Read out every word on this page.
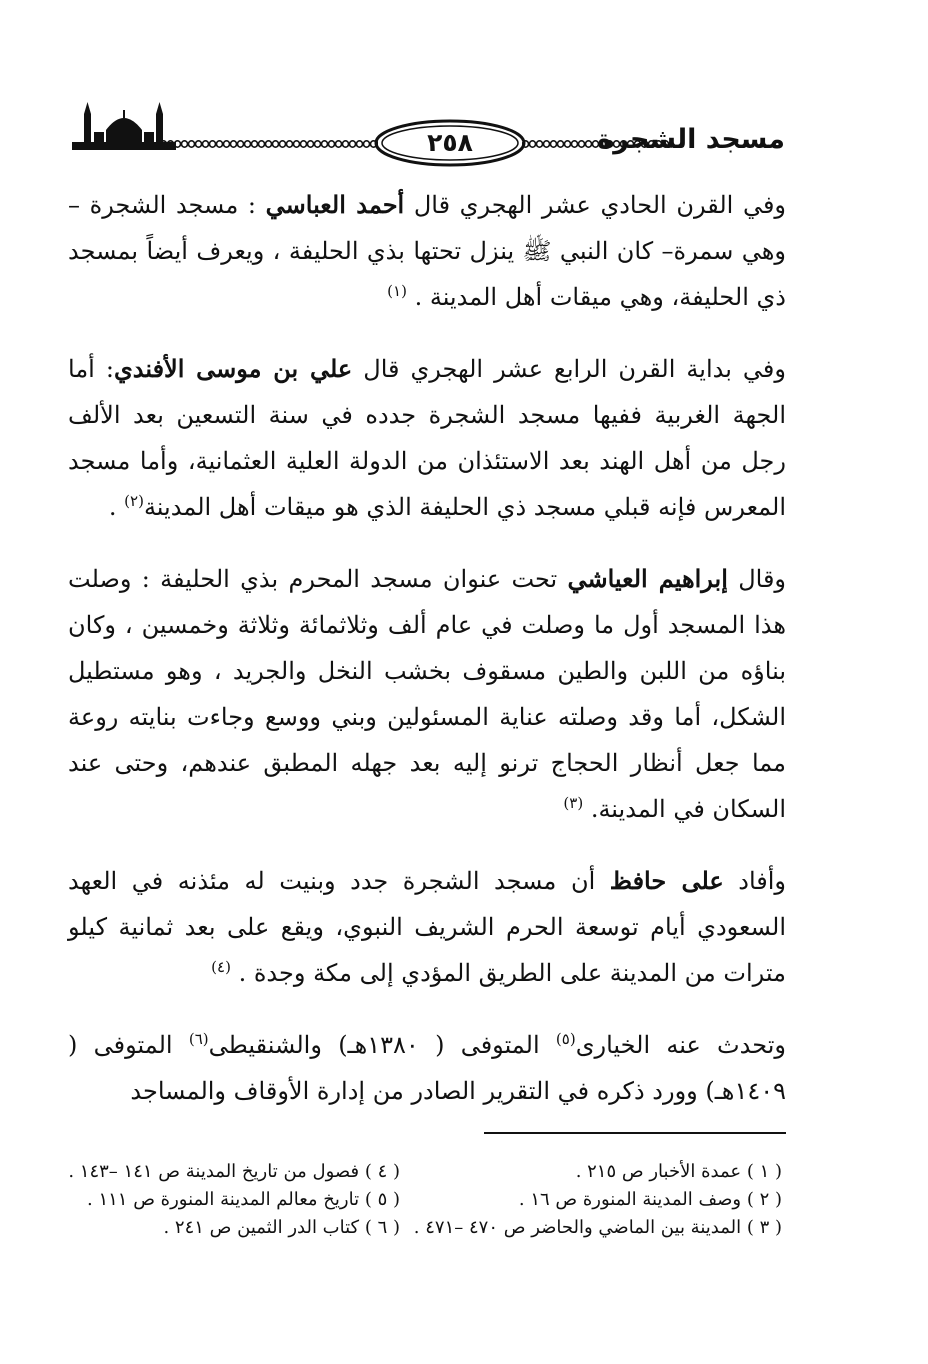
٢٥٨	مسجد الشجرة

وفي القرن الحادي عشر الهجري قال أحمد العباسي : مسجد الشجرة – وهي سمرة– كان النبي ﷺ ينزل تحتها بذي الحليفة ، ويعرف أيضاً بمسجد ذي الحليفة، وهي ميقات أهل المدينة . $^{(١)}$

وفي بداية القرن الرابع عشر الهجري قال علي بن موسى الأفندي: أما الجهة الغربية ففيها مسجد الشجرة جدده في سنة التسعين بعد الألف رجل من أهل الهند بعد الاستئذان من الدولة العلية العثمانية، وأما مسجد المعرس فإنه قبلي مسجد ذي الحليفة الذي هو ميقات أهل المدينة$^{(٢)}$ .

وقال إبراهيم العياشي تحت عنوان مسجد المحرم بذي الحليفة : وصلت هذا المسجد أول ما وصلت في عام ألف وثلاثمائة وثلاثة وخمسين ، وكان بناؤه من اللبن والطين مسقوف بخشب النخل والجريد ، وهو مستطيل الشكل، أما وقد وصلته عناية المسئولين وبني ووسع وجاءت بنايته روعة مما جعل أنظار الحجاج ترنو إليه بعد جهله المطبق عندهم، وحتى عند السكان في المدينة. $^{(٣)}$

وأفاد على حافظ أن مسجد الشجرة جدد وبنيت له مئذنه في العهد السعودي أيام توسعة الحرم الشريف النبوي، ويقع على بعد ثمانية كيلو مترات من المدينة على الطريق المؤدي إلى مكة وجدة . $^{(٤)}$

وتحدث عنه الخيارى$^{(٥)}$ المتوفى ( ١٣٨٠هـ) والشنقيطى$^{(٦)}$ المتوفى ( ١٤٠٩هـ) وورد ذكره في التقرير الصادر من إدارة الأوقاف والمساجد

( ١ ) عمدة الأخبار ص ٢١٥ .

( ٢ ) وصف المدينة المنورة ص ١٦ .

( ٣ ) المدينة بين الماضي والحاضر ص ٤٧٠ –٤٧١ .

( ٤ ) فصول من تاريخ المدينة ص ١٤١ –١٤٣ .

( ٥ ) تاريخ معالم المدينة المنورة ص ١١١ .

( ٦ ) كتاب الدر الثمين ص ٢٤١ .
